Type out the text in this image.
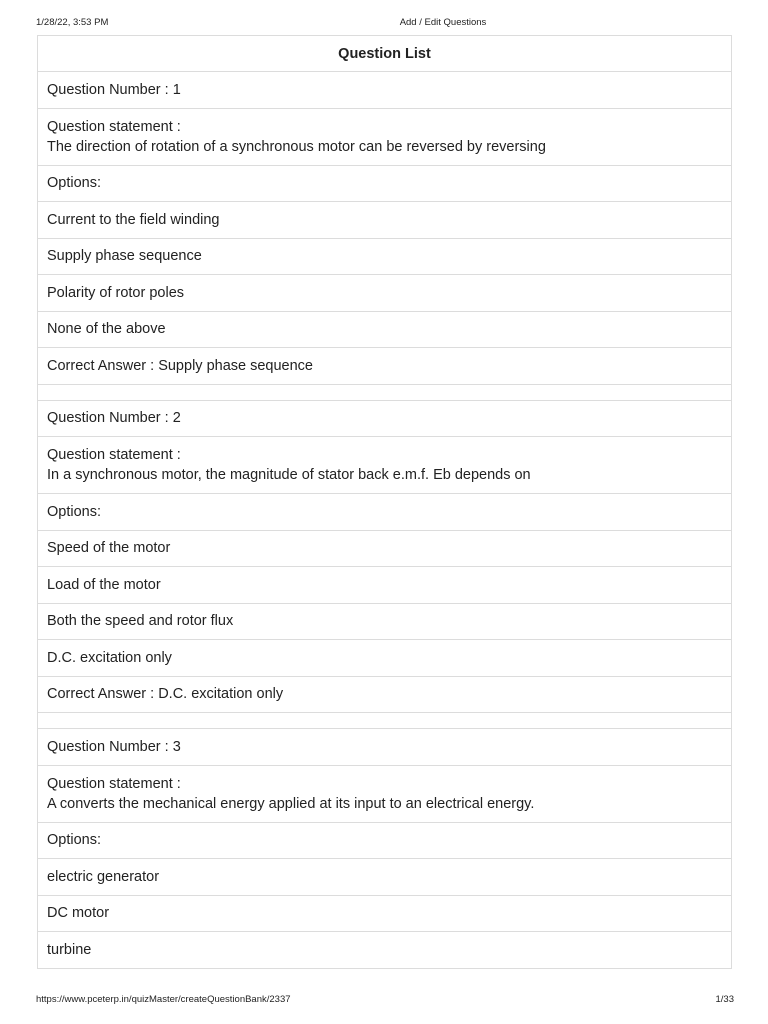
1/28/22, 3:53 PM	Add / Edit Questions
Question List
Question Number : 1
Question statement :
The direction of rotation of a synchronous motor can be reversed by reversing
Options:
Current to the field winding
Supply phase sequence
Polarity of rotor poles
None of the above
Correct Answer : Supply phase sequence
Question Number : 2
Question statement :
In a synchronous motor, the magnitude of stator back e.m.f. Eb depends on
Options:
Speed of the motor
Load of the motor
Both the speed and rotor flux
D.C. excitation only
Correct Answer : D.C. excitation only
Question Number : 3
Question statement :
A converts the mechanical energy applied at its input to an electrical energy.
Options:
electric generator
DC motor
turbine
https://www.pceterp.in/quizMaster/createQuestionBank/2337	1/33
